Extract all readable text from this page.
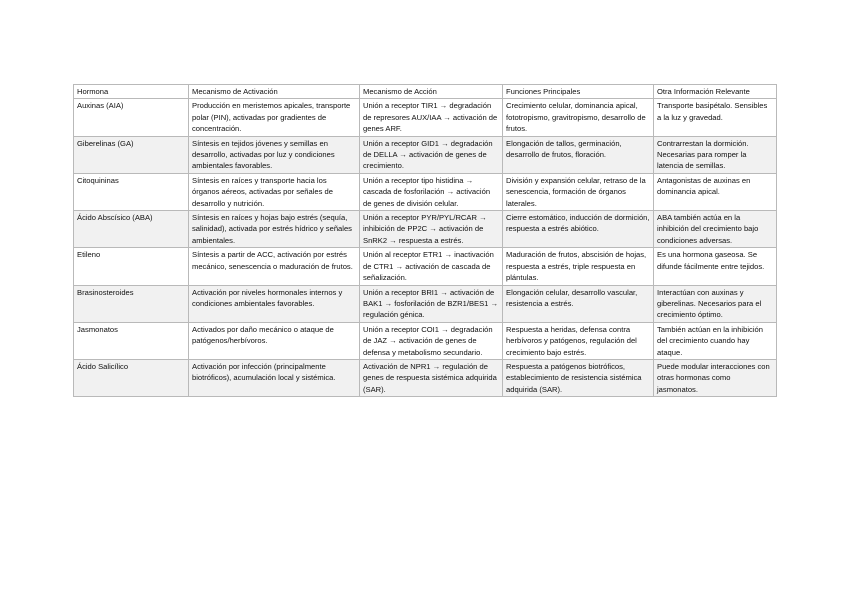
Hormona	Mecanismo de Activación	Mecanismo de Acción	Funciones Principales	Otra Información Relevante
Auxinas (AIA)	Producción en meristemos apicales, transporte polar (PIN), activadas por gradientes de concentración.	Unión a receptor TIR1 → degradación de represores AUX/IAA → activación de genes ARF.	Crecimiento celular, dominancia apical, fototropismo, gravitropismo, desarrollo de frutos.	Transporte basipétalo. Sensibles a la luz y gravedad.
Giberelinas (GA)	Síntesis en tejidos jóvenes y semillas en desarrollo, activadas por luz y condiciones ambientales favorables.	Unión a receptor GID1 → degradación de DELLA → activación de genes de crecimiento.	Elongación de tallos, germinación, desarrollo de frutos, floración.	Contrarrestan la dormición. Necesarias para romper la latencia de semillas.
Citoquininas	Síntesis en raíces y transporte hacia los órganos aéreos, activadas por señales de desarrollo y nutrición.	Unión a receptor tipo histidina → cascada de fosforilación → activación de genes de división celular.	División y expansión celular, retraso de la senescencia, formación de órganos laterales.	Antagonistas de auxinas en dominancia apical.
Ácido Abscísico (ABA)	Síntesis en raíces y hojas bajo estrés (sequía, salinidad), activada por estrés hídrico y señales ambientales.	Unión a receptor PYR/PYL/RCAR → inhibición de PP2C → activación de SnRK2 → respuesta a estrés.	Cierre estomático, inducción de dormición, respuesta a estrés abiótico.	ABA también actúa en la inhibición del crecimiento bajo condiciones adversas.
Etileno	Síntesis a partir de ACC, activación por estrés mecánico, senescencia o maduración de frutos.	Unión al receptor ETR1 → inactivación de CTR1 → activación de cascada de señalización.	Maduración de frutos, abscisión de hojas, respuesta a estrés, triple respuesta en plántulas.	Es una hormona gaseosa. Se difunde fácilmente entre tejidos.
Brasinosteroides	Activación por niveles hormonales internos y condiciones ambientales favorables.	Unión a receptor BRI1 → activación de BAK1 → fosforilación de BZR1/BES1 → regulación génica.	Elongación celular, desarrollo vascular, resistencia a estrés.	Interactúan con auxinas y giberelinas. Necesarios para el crecimiento óptimo.
Jasmonatos	Activados por daño mecánico o ataque de patógenos/herbívoros.	Unión a receptor COI1 → degradación de JAZ → activación de genes de defensa y metabolismo secundario.	Respuesta a heridas, defensa contra herbívoros y patógenos, regulación del crecimiento bajo estrés.	También actúan en la inhibición del crecimiento cuando hay ataque.
Ácido Salicílico	Activación por infección (principalmente biotróficos), acumulación local y sistémica.	Activación de NPR1 → regulación de genes de respuesta sistémica adquirida (SAR).	Respuesta a patógenos biotróficos, establecimiento de resistencia sistémica adquirida (SAR).	Puede modular interacciones con otras hormonas como jasmonatos.
